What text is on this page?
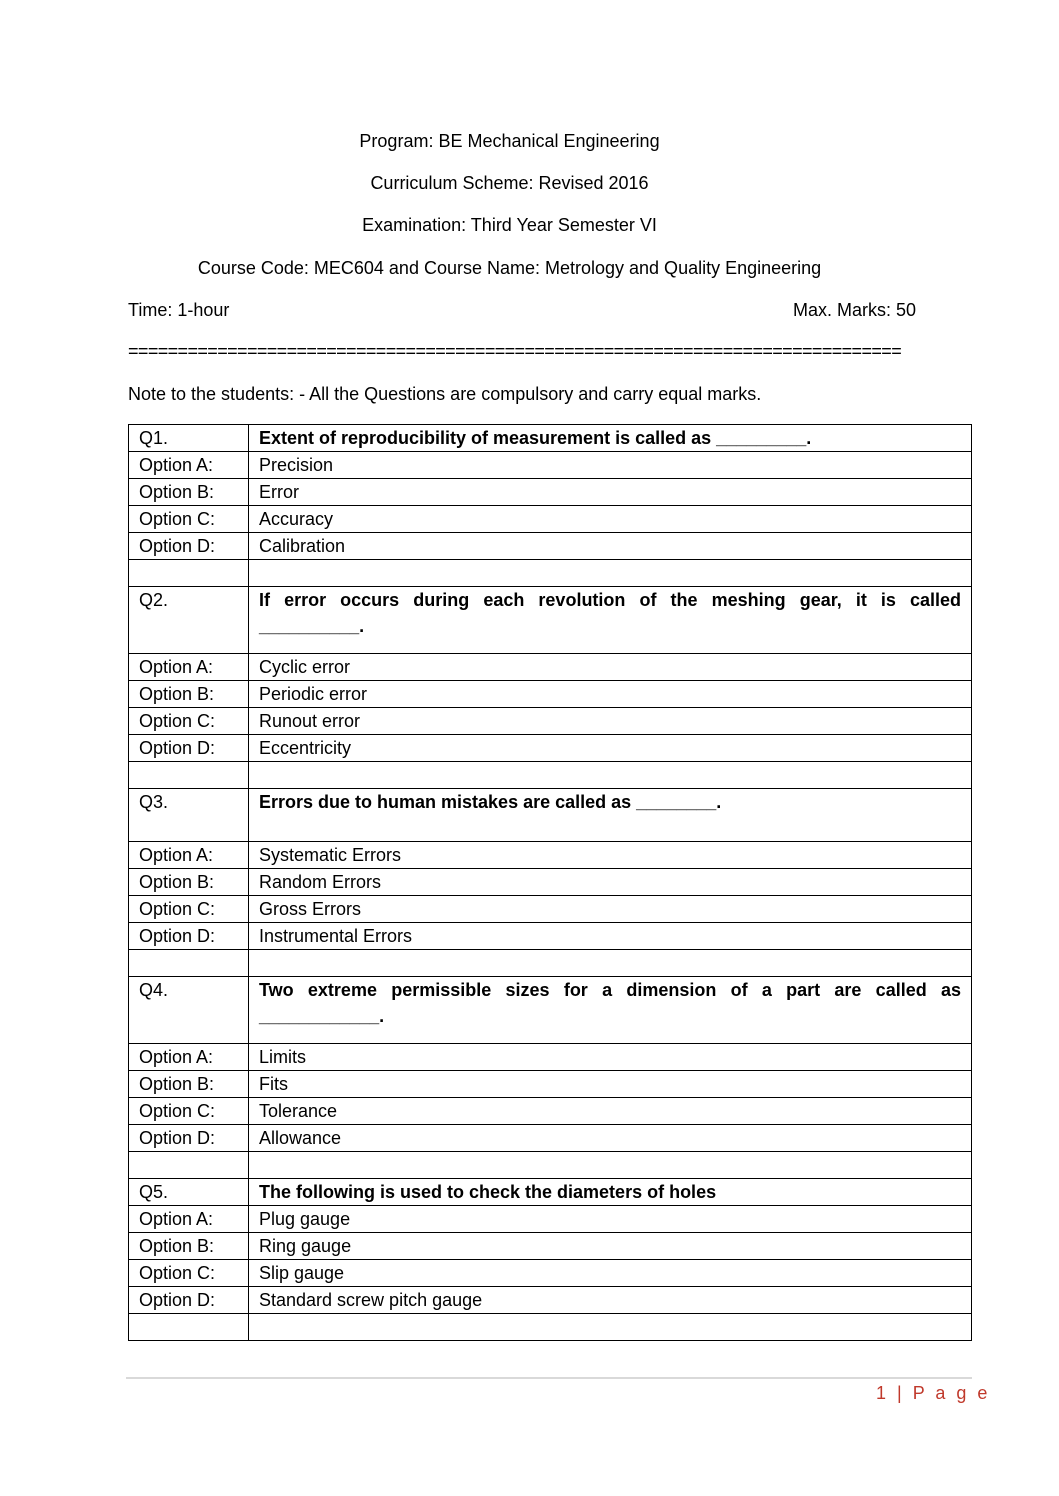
Program: BE Mechanical Engineering
Curriculum Scheme: Revised 2016
Examination: Third Year Semester VI
Course Code: MEC604 and Course Name: Metrology and Quality Engineering
Time: 1-hour	Max. Marks: 50
==============================================================================
Note to the students: - All the Questions are compulsory and carry equal marks.
Q1.	Extent of reproducibility of measurement is called as _________.
Option A:	Precision
Option B:	Error
Option C:	Accuracy
Option D:	Calibration

Q2.	If error occurs during each revolution of the meshing gear, it is called __________.
Option A:	Cyclic error
Option B:	Periodic error
Option C:	Runout error
Option D:	Eccentricity

Q3.	Errors due to human mistakes are called as ________.
Option A:	Systematic Errors
Option B:	Random Errors
Option C:	Gross Errors
Option D:	Instrumental Errors

Q4.	Two extreme permissible sizes for a dimension of a part are called as ____________.
Option A:	Limits
Option B:	Fits
Option C:	Tolerance
Option D:	Allowance

Q5.	The following is used to check the diameters of holes
Option A:	Plug gauge
Option B:	Ring gauge
Option C:	Slip gauge
Option D:	Standard screw pitch gauge

1 | P a g e
